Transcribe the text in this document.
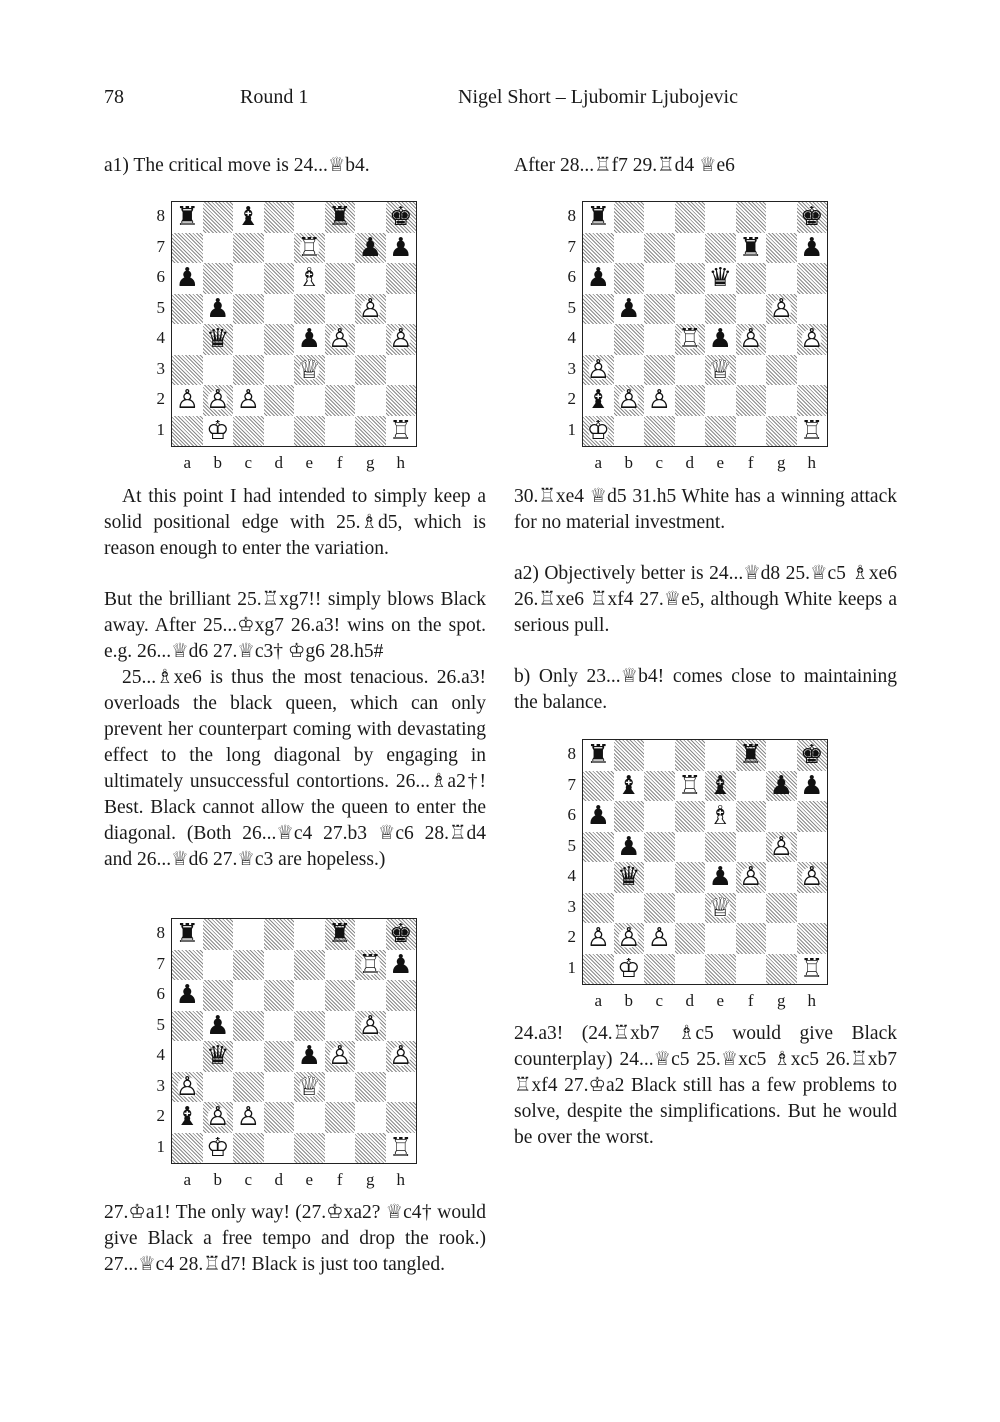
78	Round 1	Nigel Short – Ljubomir Ljubojevic

a1) The critical move is 24...♕b4.

8
7
6
5
4
3
2
1
♜ ♝	♜ ♚
♖ ♟ ♟
♟	♗
♟	♙
♛	♟ ♙ ♙
♕
♙ ♙ ♙
♔	♖
a b c d e f g h

At this point I had intended to simply keep a solid positional edge with 25.♗d5, which is reason enough to enter the variation.

But the brilliant 25.♖xg7!! simply blows Black away. After 25...♔xg7 26.a3! wins on the spot. e.g. 26...♕d6 27.♕c3† ♔g6 28.h5#

25...♗xe6 is thus the most tenacious. 26.a3! overloads the black queen, which can only prevent her counterpart coming with devastating effect to the long diagonal by engaging in ultimately unsuccessful contortions. 26...♗a2†! Best. Black cannot allow the queen to enter the diagonal. (Both 26...♕c4 27.b3 ♕c6 28.♖d4 and 26...♕d6 27.♕c3 are hopeless.)

8
7
6
5
4
3
2
1
♜	♜ ♚
♖ ♟
♟
♟	♙
♛	♟ ♙ ♙
♙	♕
♝ ♙ ♙
♔	♖
a b c d e f g h

27.♔a1! The only way! (27.♔xa2? ♕c4† would give Black a free tempo and drop the rook.) 27...♕c4 28.♖d7! Black is just too tangled.

After 28...♖f7 29.♖d4 ♕e6

8
7
6
5
4
3
2
1
♜	♚
♜ ♟
♟	♛
♟	♙
♖ ♟ ♙ ♙
♙	♕
♝ ♙ ♙
♔	♖
a b c d e f g h

30.♖xe4 ♕d5 31.h5 White has a winning attack for no material investment.

a2) Objectively better is 24...♕d8 25.♕c5 ♗xe6 26.♖xe6 ♖xf4 27.♕e5, although White keeps a serious pull.

b) Only 23...♕b4! comes close to maintaining the balance.

8
7
6
5
4
3
2
1
♜	♜ ♚
♝ ♖ ♝ ♟ ♟
♟	♗
♟	♙
♛	♟ ♙ ♙
♕
♙ ♙ ♙
♔	♖
a b c d e f g h

24.a3! (24.♖xb7 ♗c5 would give Black counterplay) 24...♕c5 25.♕xc5 ♗xc5 26.♖xb7 ♖xf4 27.♔a2 Black still has a few problems to solve, despite the simplifications. But he would be over the worst.
